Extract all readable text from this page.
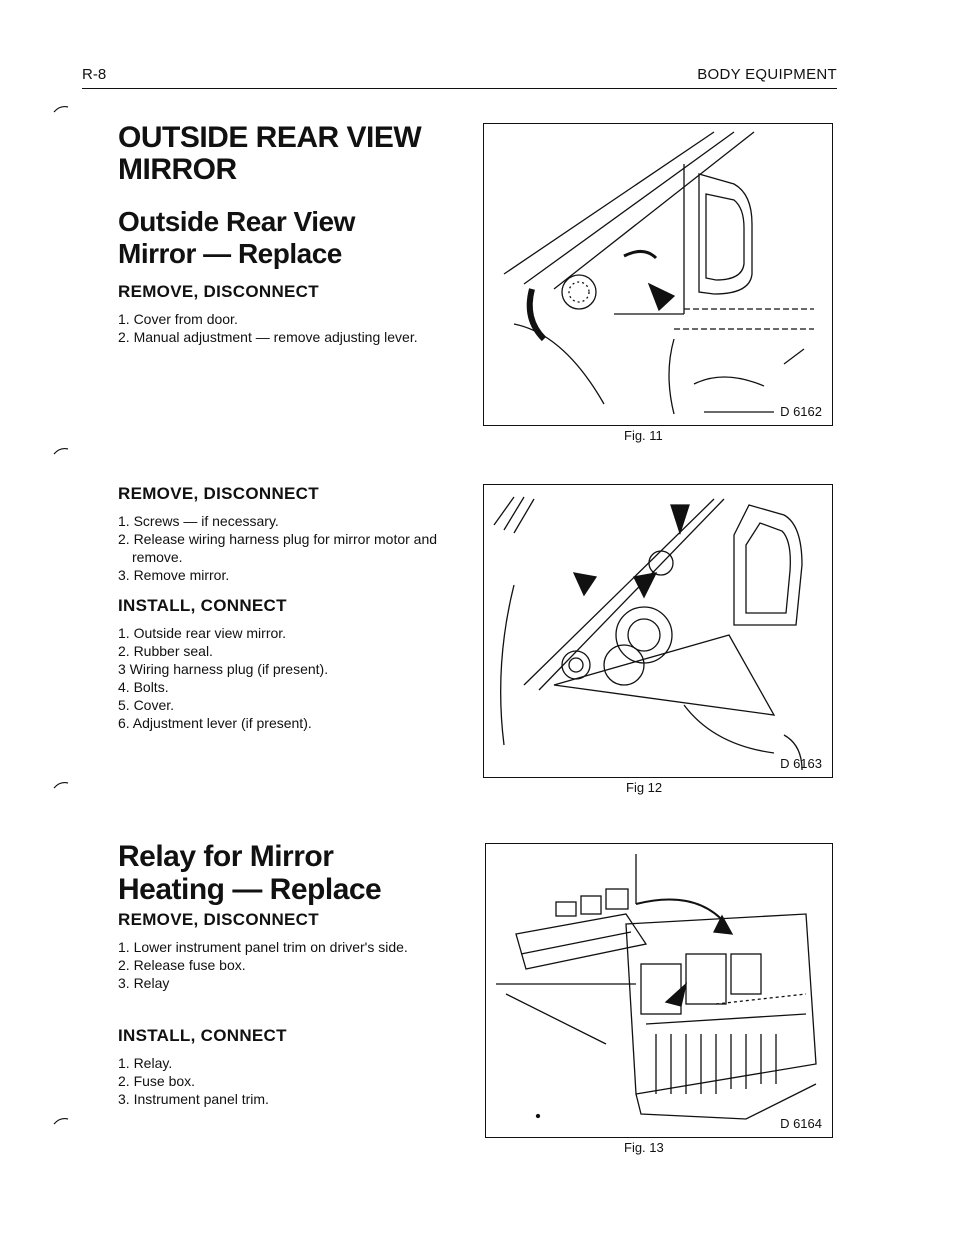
R-8	BODY EQUIPMENT
OUTSIDE REAR VIEW
MIRROR
Outside Rear View
Mirror — Replace
REMOVE, DISCONNECT
1. Cover from door.
2. Manual adjustment — remove adjusting lever.
REMOVE, DISCONNECT
1. Screws — if necessary.
2. Release wiring harness plug for mirror motor and remove.
3. Remove mirror.
INSTALL, CONNECT
1. Outside rear view mirror.
2. Rubber seal.
3 Wiring harness plug (if present).
4. Bolts.
5. Cover.
6. Adjustment lever (if present).
Relay for Mirror
Heating — Replace
REMOVE, DISCONNECT
1. Lower instrument panel trim on driver's side.
2. Release fuse box.
3. Relay
INSTALL, CONNECT
1. Relay.
2. Fuse box.
3. Instrument panel trim.
D 6162
Fig. 11
D 6163
Fig 12
D 6164
Fig. 13
